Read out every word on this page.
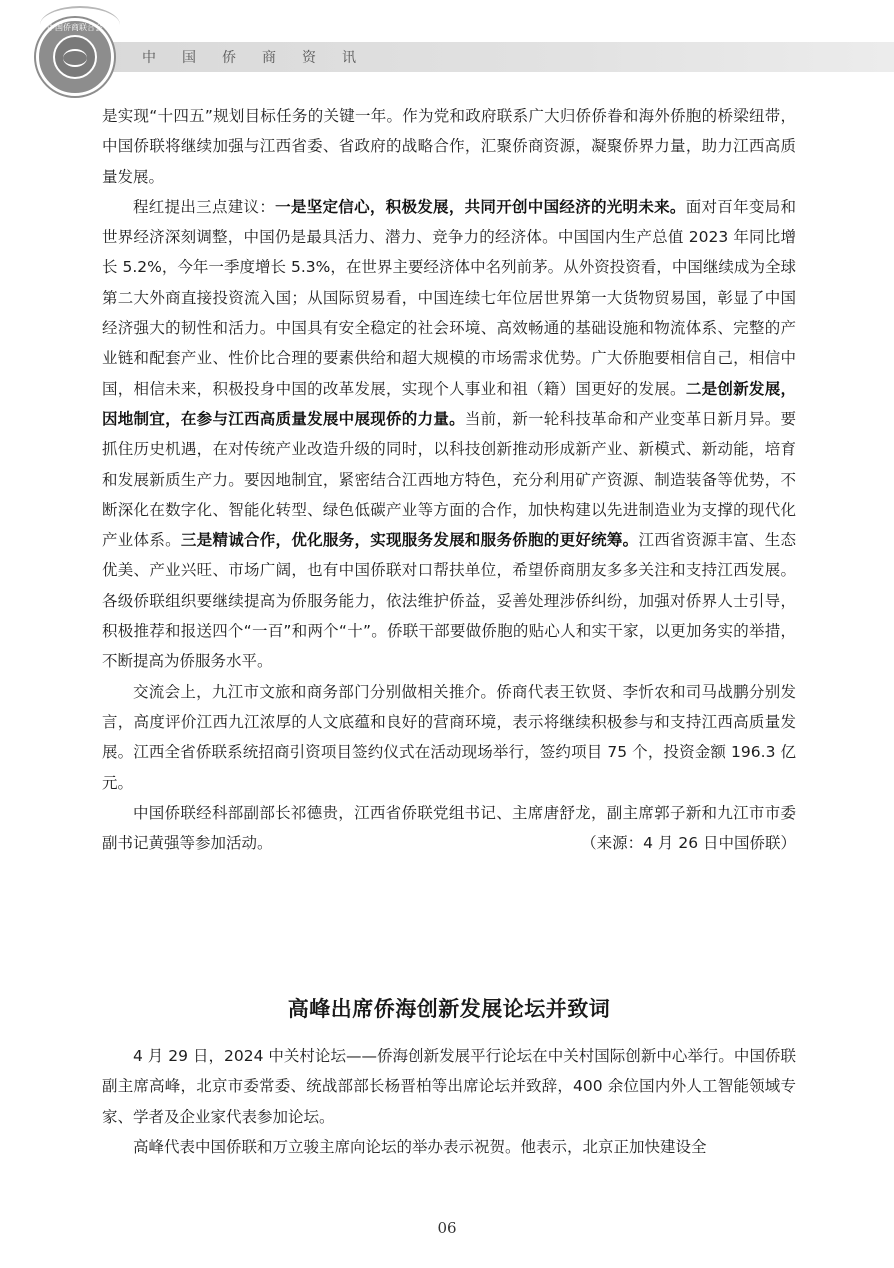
中国侨商资讯
中国侨商联合会

是实现“十四五”规划目标任务的关键一年。作为党和政府联系广大归侨侨眷和海外侨胞的桥梁纽带，中国侨联将继续加强与江西省委、省政府的战略合作，汇聚侨商资源，凝聚侨界力量，助力江西高质量发展。

程红提出三点建议：一是坚定信心，积极发展，共同开创中国经济的光明未来。面对百年变局和世界经济深刻调整，中国仍是最具活力、潜力、竞争力的经济体。中国国内生产总值 2023 年同比增长 5.2%，今年一季度增长 5.3%，在世界主要经济体中名列前茅。从外资投资看，中国继续成为全球第二大外商直接投资流入国；从国际贸易看，中国连续七年位居世界第一大货物贸易国，彰显了中国经济强大的韧性和活力。中国具有安全稳定的社会环境、高效畅通的基础设施和物流体系、完整的产业链和配套产业、性价比合理的要素供给和超大规模的市场需求优势。广大侨胞要相信自己，相信中国，相信未来，积极投身中国的改革发展，实现个人事业和祖（籍）国更好的发展。二是创新发展，因地制宜，在参与江西高质量发展中展现侨的力量。当前，新一轮科技革命和产业变革日新月异。要抓住历史机遇，在对传统产业改造升级的同时，以科技创新推动形成新产业、新模式、新动能，培育和发展新质生产力。要因地制宜，紧密结合江西地方特色，充分利用矿产资源、制造装备等优势，不断深化在数字化、智能化转型、绿色低碳产业等方面的合作，加快构建以先进制造业为支撑的现代化产业体系。三是精诚合作，优化服务，实现服务发展和服务侨胞的更好统筹。江西省资源丰富、生态优美、产业兴旺、市场广阔，也有中国侨联对口帮扶单位，希望侨商朋友多多关注和支持江西发展。各级侨联组织要继续提高为侨服务能力，依法维护侨益，妥善处理涉侨纠纷，加强对侨界人士引导，积极推荐和报送四个“一百”和两个“十”。侨联干部要做侨胞的贴心人和实干家，以更加务实的举措，不断提高为侨服务水平。

交流会上，九江市文旅和商务部门分别做相关推介。侨商代表王钦贤、李忻农和司马战鹏分别发言，高度评价江西九江浓厚的人文底蕴和良好的营商环境，表示将继续积极参与和支持江西高质量发展。江西全省侨联系统招商引资项目签约仪式在活动现场举行，签约项目 75 个，投资金额 196.3 亿元。

中国侨联经科部副部长祁德贵，江西省侨联党组书记、主席唐舒龙，副主席郭子新和九江市市委副书记黄强等参加活动。	（来源：4 月 26 日中国侨联）

高峰出席侨海创新发展论坛并致词

4 月 29 日，2024 中关村论坛——侨海创新发展平行论坛在中关村国际创新中心举行。中国侨联副主席高峰，北京市委常委、统战部部长杨晋柏等出席论坛并致辞，400 余位国内外人工智能领域专家、学者及企业家代表参加论坛。

高峰代表中国侨联和万立骏主席向论坛的举办表示祝贺。他表示，北京正加快建设全

06
